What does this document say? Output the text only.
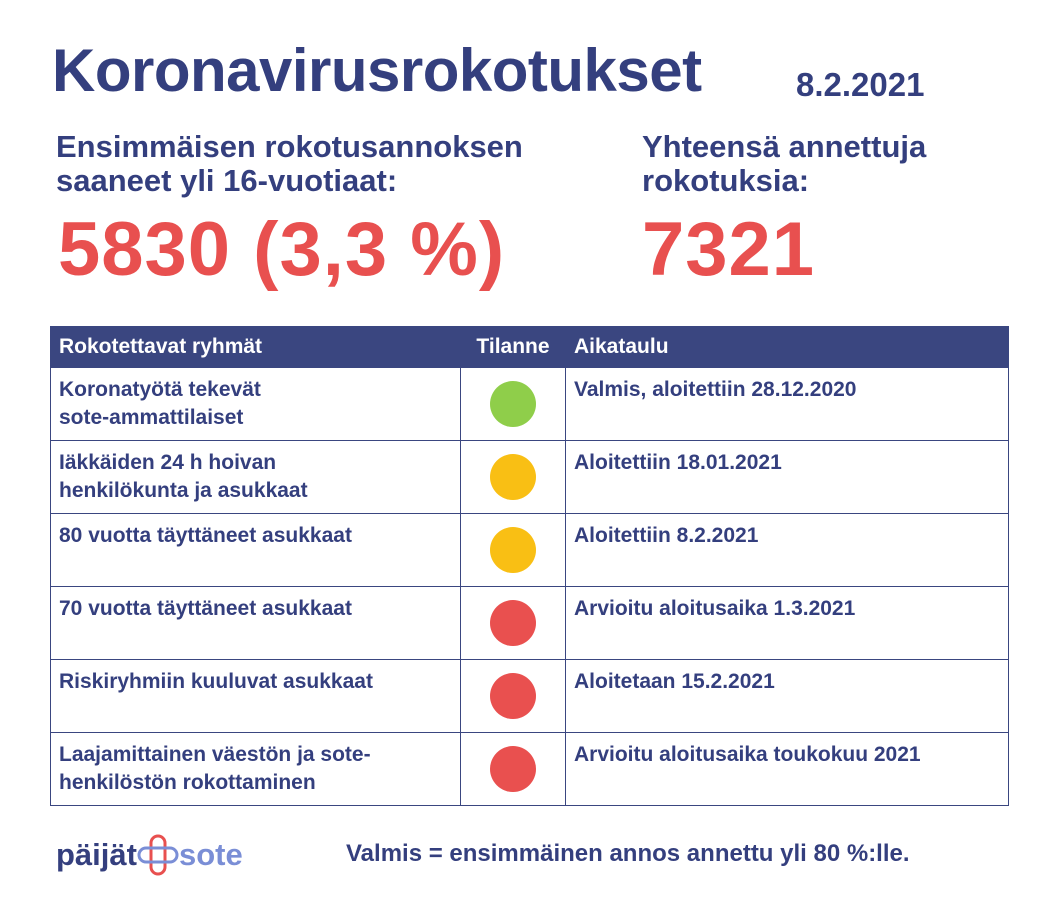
Koronavirusrokotukset	8.2.2021
Ensimmäisen rokotusannoksen
saaneet yli 16-vuotiaat:
5830 (3,3 %)
Yhteensä annettuja
rokotuksia:
7321
Rokotettavat ryhmät	Tilanne	Aikataulu

Koronatyötä tekevät
sote-ammattilaiset		Valmis, aloitettiin 28.12.2020

Iäkkäiden 24 h hoivan
henkilökunta ja asukkaat		Aloitettiin 18.01.2021

80 vuotta täyttäneet asukkaat		Aloitettiin 8.2.2021

70 vuotta täyttäneet asukkaat		Arvioitu aloitusaika 1.3.2021

Riskiryhmiin kuuluvat asukkaat		Aloitetaan 15.2.2021

Laajamittainen väestön ja sote-
henkilöstön rokottaminen		Arvioitu aloitusaika toukokuu 2021
päijät sote	Valmis = ensimmäinen annos annettu yli 80 %:lle.
